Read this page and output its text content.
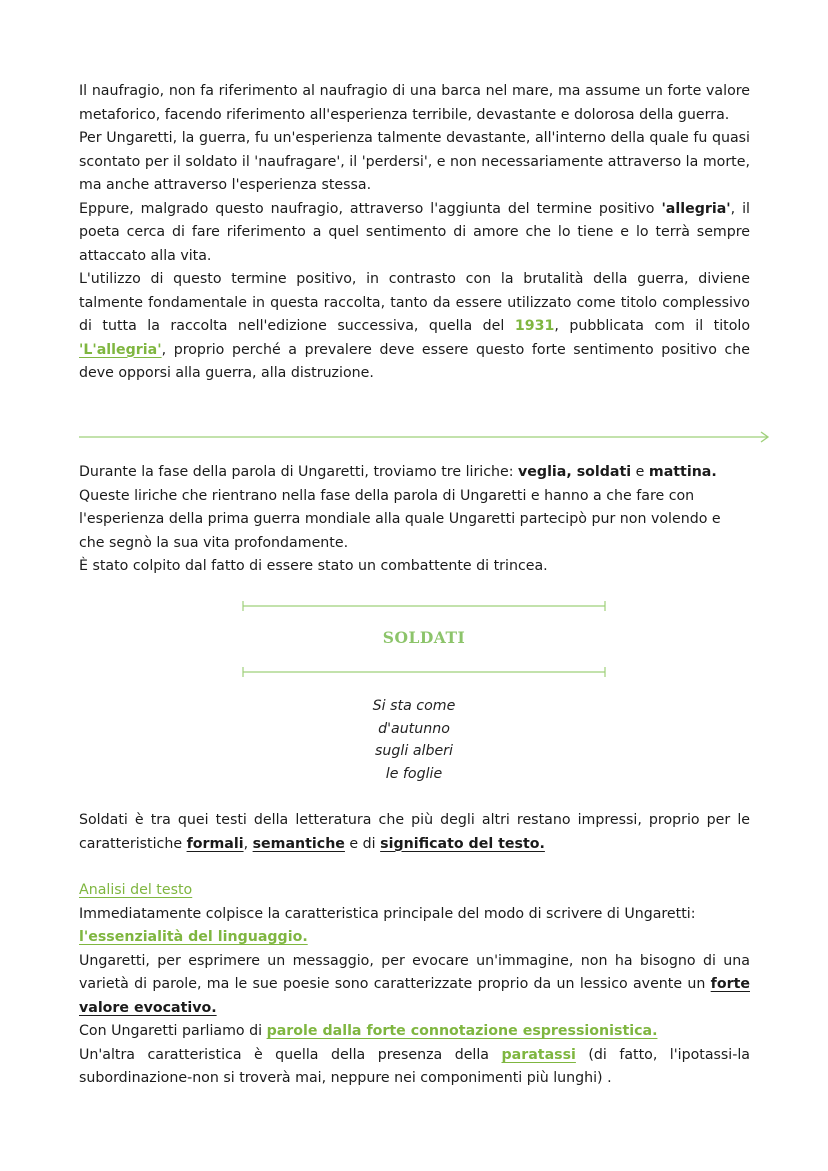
Il naufragio, non fa riferimento al naufragio di una barca nel mare, ma assume un forte valore metaforico, facendo riferimento all'esperienza terribile, devastante e dolorosa della guerra.

Per Ungaretti, la guerra, fu un'esperienza talmente devastante, all'interno della quale fu quasi scontato per il soldato il 'naufragare', il 'perdersi', e non necessariamente attraverso la morte, ma anche attraverso l'esperienza stessa.

Eppure, malgrado questo naufragio, attraverso l'aggiunta del termine positivo 'allegria', il poeta cerca di fare riferimento a quel sentimento di amore che lo tiene e lo terrà sempre attaccato alla vita.

L'utilizzo di questo termine positivo, in contrasto con la brutalità della guerra, diviene talmente fondamentale in questa raccolta, tanto da essere utilizzato come titolo complessivo di tutta la raccolta nell'edizione successiva, quella del 1931, pubblicata com il titolo 'L'allegria', proprio perché a prevalere deve essere questo forte sentimento positivo che deve opporsi alla guerra, alla distruzione.

Durante la fase della parola di Ungaretti, troviamo tre liriche: veglia, soldati e mattina.

Queste liriche che rientrano nella fase della parola di Ungaretti e hanno a che fare con l'esperienza della prima guerra mondiale alla quale Ungaretti partecipò pur non volendo e che segnò la sua vita profondamente.

È stato colpito dal fatto di essere stato un combattente di trincea.

SOLDATI
Si sta come
d'autunno
sugli alberi
le foglie

Soldati è tra quei testi della letteratura che più degli altri restano impressi, proprio per le caratteristiche formali, semantiche e di significato del testo.

Analisi del testo

Immediatamente colpisce la caratteristica principale del modo di scrivere di Ungaretti:

l'essenzialità del linguaggio.

Ungaretti, per esprimere un messaggio, per evocare un'immagine, non ha bisogno di una varietà di parole, ma le sue poesie sono caratterizzate proprio da un lessico avente un forte valore evocativo.

Con Ungaretti parliamo di parole dalla forte connotazione espressionistica.

Un'altra caratteristica è quella della presenza della paratassi (di fatto, l'ipotassi-la subordinazione-non si troverà mai, neppure nei componimenti più lunghi) .
